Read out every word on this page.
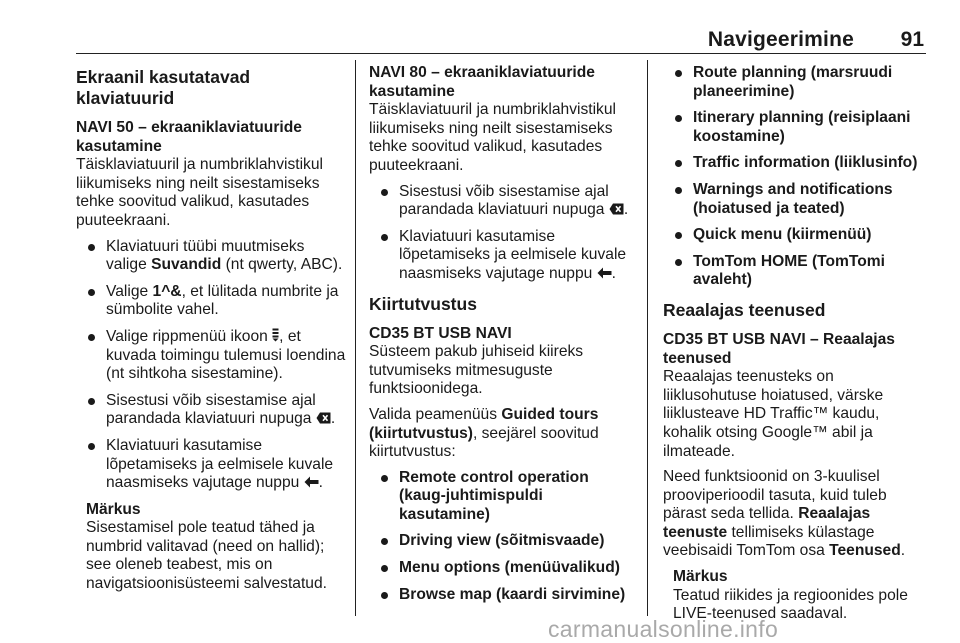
Navigeerimine 91
Ekraanil kasutatavad klaviatuurid
NAVI 50 – ekraaniklaviatuuride kasutamine

Täisklaviatuuril ja numbriklahvistikul liikumiseks ning neilt sisestamiseks tehke soovitud valikud, kasutades puuteekraani.

Klaviatuuri tüübi muutmiseks valige Suvandid (nt qwerty, ABC).
Valige 1^&, et lülitada numbrite ja sümbolite vahel.
Valige rippmenüü ikoon , et kuvada toimingu tulemusi loendina (nt sihtkoha sisestamine).
Sisestusi võib sisestamise ajal parandada klaviatuuri nupuga .
Klaviatuuri kasutamise lõpetamiseks ja eelmisele kuvale naasmiseks vajutage nuppu .
Märkus
Sisestamisel pole teatud tähed ja numbrid valitavad (need on hallid); see oleneb teabest, mis on navigatsioonisüsteemi salvestatud.
NAVI 80 – ekraaniklaviatuuride kasutamine

Täisklaviatuuril ja numbriklahvistikul liikumiseks ning neilt sisestamiseks tehke soovitud valikud, kasutades puuteekraani.

Sisestusi võib sisestamise ajal parandada klaviatuuri nupuga .
Klaviatuuri kasutamise lõpetamiseks ja eelmisele kuvale naasmiseks vajutage nuppu .
Kiirtutvustus
CD35 BT USB NAVI

Süsteem pakub juhiseid kiireks tutvumiseks mitmesuguste funktsioonidega.

Valida peamenüüs Guided tours (kiirtutvustus), seejärel soovitud kiirtutvustus:

Remote control operation (kaug-juhtimispuldi kasutamine)
Driving view (sõitmisvaade)
Menu options (menüüvalikud)
Browse map (kaardi sirvimine)
Route planning (marsruudi planeerimine)
Itinerary planning (reisiplaani koostamine)
Traffic information (liiklusinfo)
Warnings and notifications (hoiatused ja teated)
Quick menu (kiirmenüü)
TomTom HOME (TomTomi avaleht)
Reaalajas teenused
CD35 BT USB NAVI – Reaalajas teenused

Reaalajas teenusteks on liiklusohutuse hoiatused, värske liiklusteave HD Traffic™ kaudu, kohalik otsing Google™ abil ja ilmateade.

Need funktsioonid on 3-kuulisel prooviperioodil tasuta, kuid tuleb pärast seda tellida. Reaalajas teenuste tellimiseks külastage veebisaidi TomTom osa Teenused.

Märkus
Teatud riikides ja regioonides pole LIVE-teenused saadaval.
carmanualsonline.info
